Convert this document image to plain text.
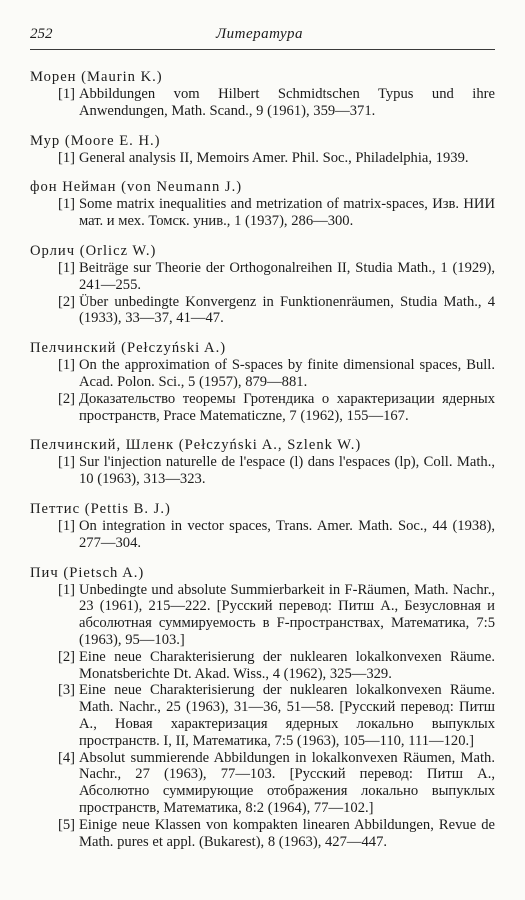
252	Литература
Морен (Maurin K.)
[1] Abbildungen vom Hilbert Schmidtschen Typus und ihre Anwendungen, Math. Scand., 9 (1961), 359—371.
Мур (Moore E. H.)
[1] General analysis II, Memoirs Amer. Phil. Soc., Philadelphia, 1939.
фон Нейман (von Neumann J.)
[1] Some matrix inequalities and metrization of matrix-spaces, Изв. НИИ мат. и мех. Томск. унив., 1 (1937), 286—300.
Орлич (Orlicz W.)
[1] Beiträge sur Theorie der Orthogonalreihen II, Studia Math., 1 (1929), 241—255.
[2] Über unbedingte Konvergenz in Funktionenräumen, Studia Math., 4 (1933), 33—37, 41—47.
Пелчинский (Pełczyński A.)
[1] On the approximation of S-spaces by finite dimensional spaces, Bull. Acad. Polon. Sci., 5 (1957), 879—881.
[2] Доказательство теоремы Гротендика о характеризации ядерных пространств, Prace Matematiczne, 7 (1962), 155—167.
Пелчинский, Шленк (Pełczyński A., Szlenk W.)
[1] Sur l'injection naturelle de l'espace (l) dans l'espaces (lp), Coll. Math., 10 (1963), 313—323.
Петтис (Pettis B. J.)
[1] On integration in vector spaces, Trans. Amer. Math. Soc., 44 (1938), 277—304.
Пич (Pietsch A.)
[1] Unbedingte und absolute Summierbarkeit in F-Räumen, Math. Nachr., 23 (1961), 215—222. [Русский перевод: Питш А., Безусловная и абсолютная суммируемость в F-пространствах, Математика, 7:5 (1963), 95—103.]
[2] Eine neue Charakterisierung der nuklearen lokalkonvexen Räume. Monatsberichte Dt. Akad. Wiss., 4 (1962), 325—329.
[3] Eine neue Charakterisierung der nuklearen lokalkonvexen Räume. Math. Nachr., 25 (1963), 31—36, 51—58. [Русский перевод: Питш А., Новая характеризация ядерных локально выпуклых пространств. I, II, Математика, 7:5 (1963), 105—110, 111—120.]
[4] Absolut summierende Abbildungen in lokalkonvexen Räumen, Math. Nachr., 27 (1963), 77—103. [Русский перевод: Питш А., Абсолютно суммирующие отображения локально выпуклых пространств, Математика, 8:2 (1964), 77—102.]
[5] Einige neue Klassen von kompakten linearen Abbildungen, Revue de Math. pures et appl. (Bukarest), 8 (1963), 427—447.
